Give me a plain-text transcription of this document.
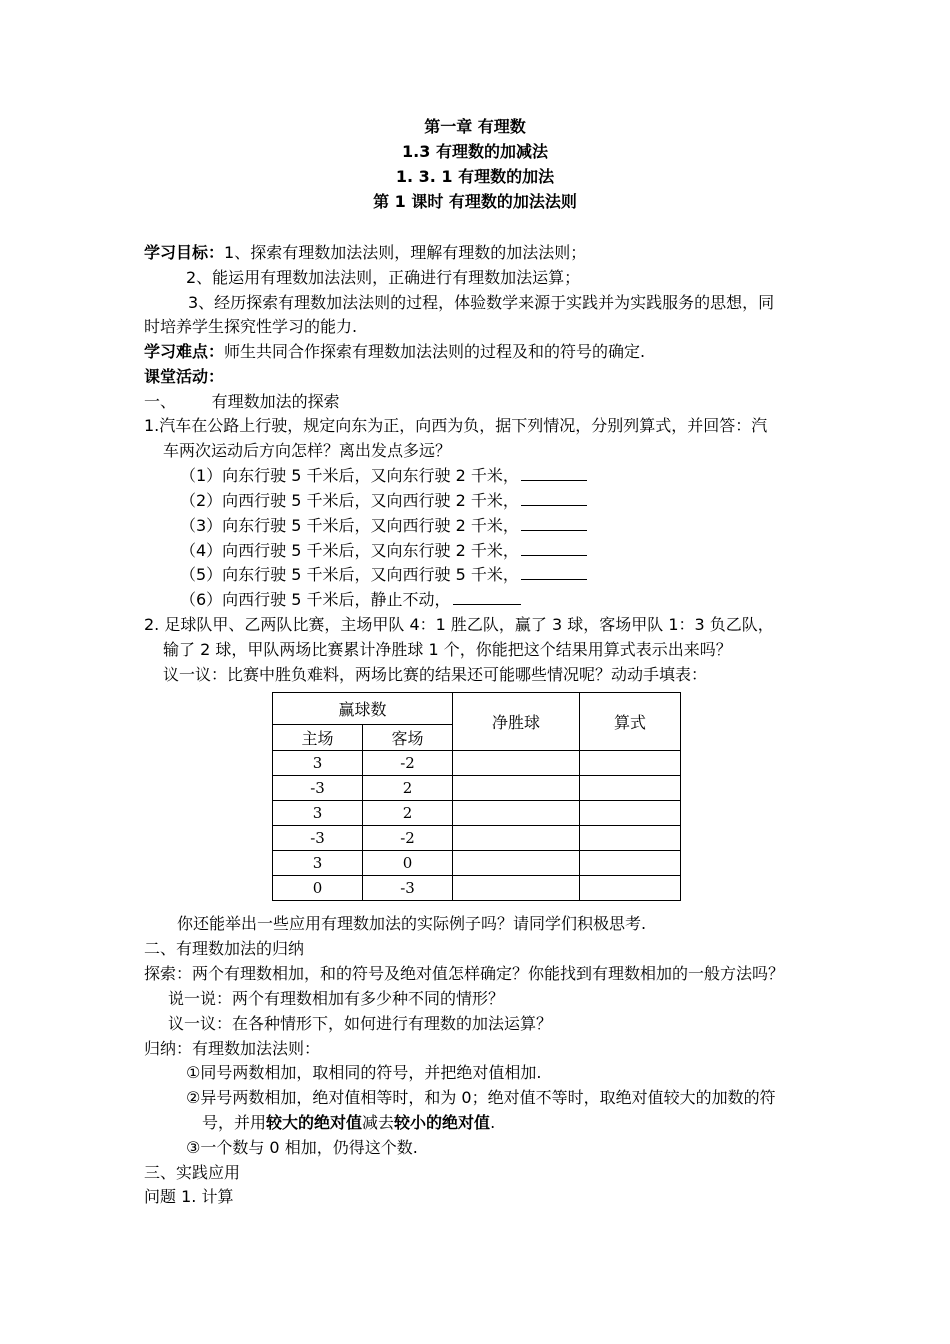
第一章 有理数
1.3 有理数的加减法
1. 3. 1 有理数的加法
第 1 课时 有理数的加法法则
学习目标：1、探索有理数加法法则，理解有理数的加法法则；
2、能运用有理数加法法则，正确进行有理数加法运算；
3、经历探索有理数加法法则的过程，体验数学来源于实践并为实践服务的思想，同
时培养学生探究性学习的能力.
学习难点：师生共同合作探索有理数加法法则的过程及和的符号的确定.
课堂活动：
一、       有理数加法的探索
1.汽车在公路上行驶，规定向东为正，向西为负，据下列情况，分别列算式，并回答：汽
车两次运动后方向怎样？离出发点多远？
（1）向东行驶 5 千米后，又向东行驶 2 千米，
（2）向西行驶 5 千米后，又向西行驶 2 千米，
（3）向东行驶 5 千米后，又向西行驶 2 千米，
（4）向西行驶 5 千米后，又向东行驶 2 千米，
（5）向东行驶 5 千米后，又向西行驶 5 千米，
（6）向西行驶 5 千米后，静止不动，
2. 足球队甲、乙两队比赛，主场甲队 4：1 胜乙队，赢了 3 球，客场甲队 1：3 负乙队，
输了 2 球，甲队两场比赛累计净胜球 1 个，你能把这个结果用算式表示出来吗？
议一议：比赛中胜负难料，两场比赛的结果还可能哪些情况呢？动动手填表：
赢球数		净胜球	算式
主场	客场		
3	-2		
-3	2		
3	2		
-3	-2		
3	0		
0	-3		
你还能举出一些应用有理数加法的实际例子吗？请同学们积极思考.
二、有理数加法的归纳
探索：两个有理数相加，和的符号及绝对值怎样确定？你能找到有理数相加的一般方法吗？
说一说：两个有理数相加有多少种不同的情形？
议一议：在各种情形下，如何进行有理数的加法运算？
归纳：有理数加法法则：
①同号两数相加，取相同的符号，并把绝对值相加.
②异号两数相加，绝对值相等时，和为 0；绝对值不等时，取绝对值较大的加数的符
号，并用较大的绝对值减去较小的绝对值.
③一个数与 0 相加，仍得这个数.
三、实践应用
问题 1. 计算
